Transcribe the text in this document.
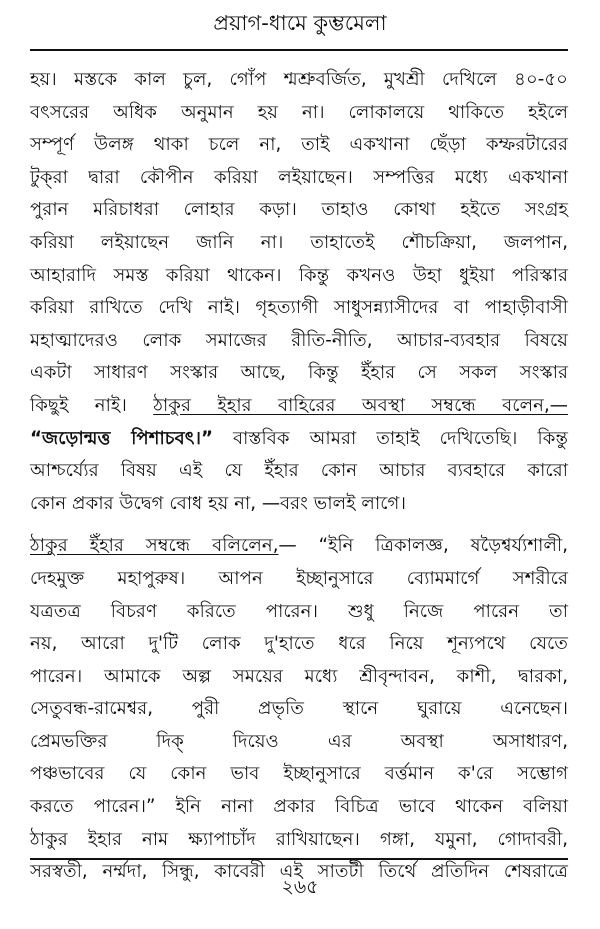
প্রয়াগ-ধামে কুম্ভমেলা
হয়। মস্তকে কাল চুল, গোঁপ শ্মশ্রুবর্জিত, মুখশ্রী দেখিলে ৪০-৫০
বৎসরের অধিক অনুমান হয় না। লোকালয়ে থাকিতে হইলে
সম্পূর্ণ উলঙ্গ থাকা চলে না, তাই একখানা ছেঁড়া কম্ফরটারের
টুক্‌রা দ্বারা কৌপীন করিয়া লইয়াছেন। সম্পত্তির মধ্যে একখানা
পুরান মরিচাধরা লোহার কড়া। তাহাও কোথা হইতে সংগ্রহ
করিয়া লইয়াছেন জানি না। তাহাতেই শৌচক্রিয়া, জলপান,
আহারাদি সমস্ত করিয়া থাকেন। কিন্তু কখনও উহা ধুইয়া পরিস্কার
করিয়া রাখিতে দেখি নাই। গৃহত্যাগী সাধুসন্ন্যাসীদের বা পাহাড়ীবাসী
মহাত্মাদেরও লোক সমাজের রীতি-নীতি, আচার-ব্যবহার বিষয়ে
একটা সাধারণ সংস্কার আছে, কিন্তু ইঁহার সে সকল সংস্কার
কিছুই নাই। ঠাকুর ইহার বাহিরের অবস্থা সম্বন্ধে বলেন,—
“জড়োন্মত্ত পিশাচবৎ।” বাস্তবিক আমরা তাহাই দেখিতেছি। কিন্তু
আশ্চর্য্যের বিষয় এই যে ইঁহার কোন আচার ব্যবহারে কারো
কোন প্রকার উদ্বেগ বোধ হয় না, —বরং ভালই লাগে।
ঠাকুর ইঁহার সম্বন্ধে বলিলেন,— “ইনি ত্রিকালজ্ঞ, ষড়ৈশ্বর্য্যশালী,
দেহমুক্ত মহাপুরুষ। আপন ইচ্ছানুসারে ব্যোমমার্গে সশরীরে
যত্রতত্র বিচরণ করিতে পারেন। শুধু নিজে পারেন তা
নয়, আরো দু'টি লোক দু'হাতে ধরে নিয়ে শূন্যপথে যেতে
পারেন। আমাকে অল্প সময়ের মধ্যে শ্রীবৃন্দাবন, কাশী, দ্বারকা,
সেতুবন্ধ-রামেশ্বর, পুরী প্রভৃতি স্থানে ঘুরায়ে এনেছেন।
প্রেমভক্তির দিক্ দিয়েও এর অবস্থা অসাধারণ,
পঞ্চভাবের যে কোন ভাব ইচ্ছানুসারে বর্ত্তমান ক'রে সম্ভোগ
করতে পারেন।” ইনি নানা প্রকার বিচিত্র ভাবে থাকেন বলিয়া
ঠাকুর ইহার নাম ক্ষ্যাপাচাঁদ রাখিয়াছেন। গঙ্গা, যমুনা, গোদাবরী,
সরস্বতী, নর্ম্মদা, সিন্ধু, কাবেরী এই সাতটী তির্থে প্রতিদিন শেষরাত্রে
২৬৫
